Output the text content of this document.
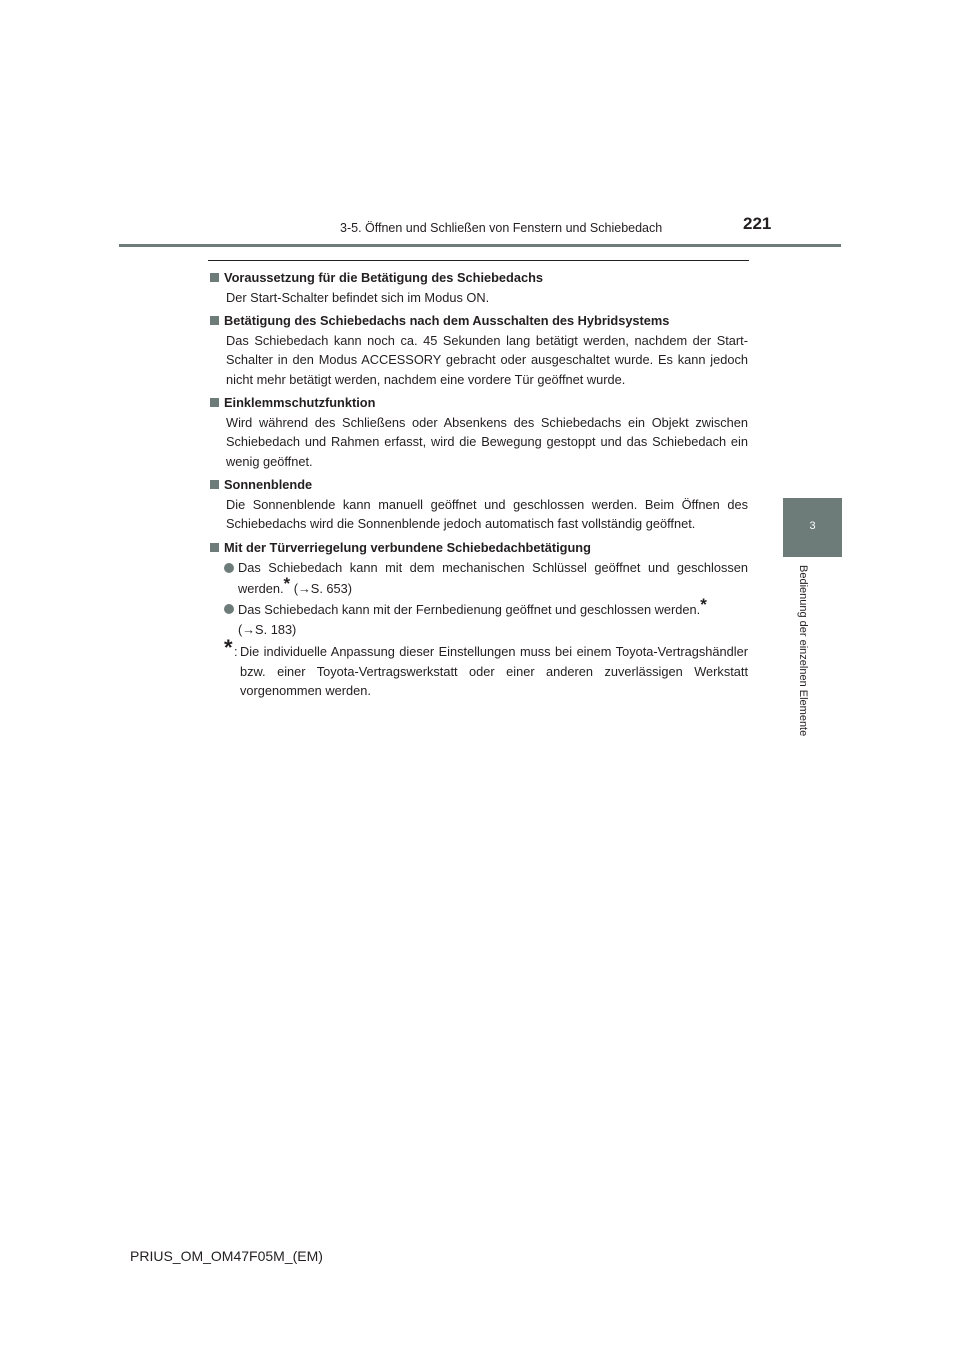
3-5. Öffnen und Schließen von Fenstern und Schiebedach	221
3
Bedienung der einzelnen Elemente
Voraussetzung für die Betätigung des Schiebedachs
Der Start-Schalter befindet sich im Modus ON.
Betätigung des Schiebedachs nach dem Ausschalten des Hybridsystems
Das Schiebedach kann noch ca. 45 Sekunden lang betätigt werden, nachdem der Start-Schalter in den Modus ACCESSORY gebracht oder ausgeschaltet wurde. Es kann jedoch nicht mehr betätigt werden, nachdem eine vordere Tür geöffnet wurde.
Einklemmschutzfunktion
Wird während des Schließens oder Absenkens des Schiebedachs ein Objekt zwischen Schiebedach und Rahmen erfasst, wird die Bewegung gestoppt und das Schiebedach ein wenig geöffnet.
Sonnenblende
Die Sonnenblende kann manuell geöffnet und geschlossen werden. Beim Öffnen des Schiebedachs wird die Sonnenblende jedoch automatisch fast vollständig geöffnet.
Mit der Türverriegelung verbundene Schiebedachbetätigung
Das Schiebedach kann mit dem mechanischen Schlüssel geöffnet und geschlossen werden.* (→S. 653)
Das Schiebedach kann mit der Fernbedienung geöffnet und geschlossen werden.*
(→S. 183)
* : Die individuelle Anpassung dieser Einstellungen muss bei einem Toyota-Vertragshändler bzw. einer Toyota-Vertragswerkstatt oder einer anderen zuverlässigen Werkstatt vorgenommen werden.
PRIUS_OM_OM47F05M_(EM)
